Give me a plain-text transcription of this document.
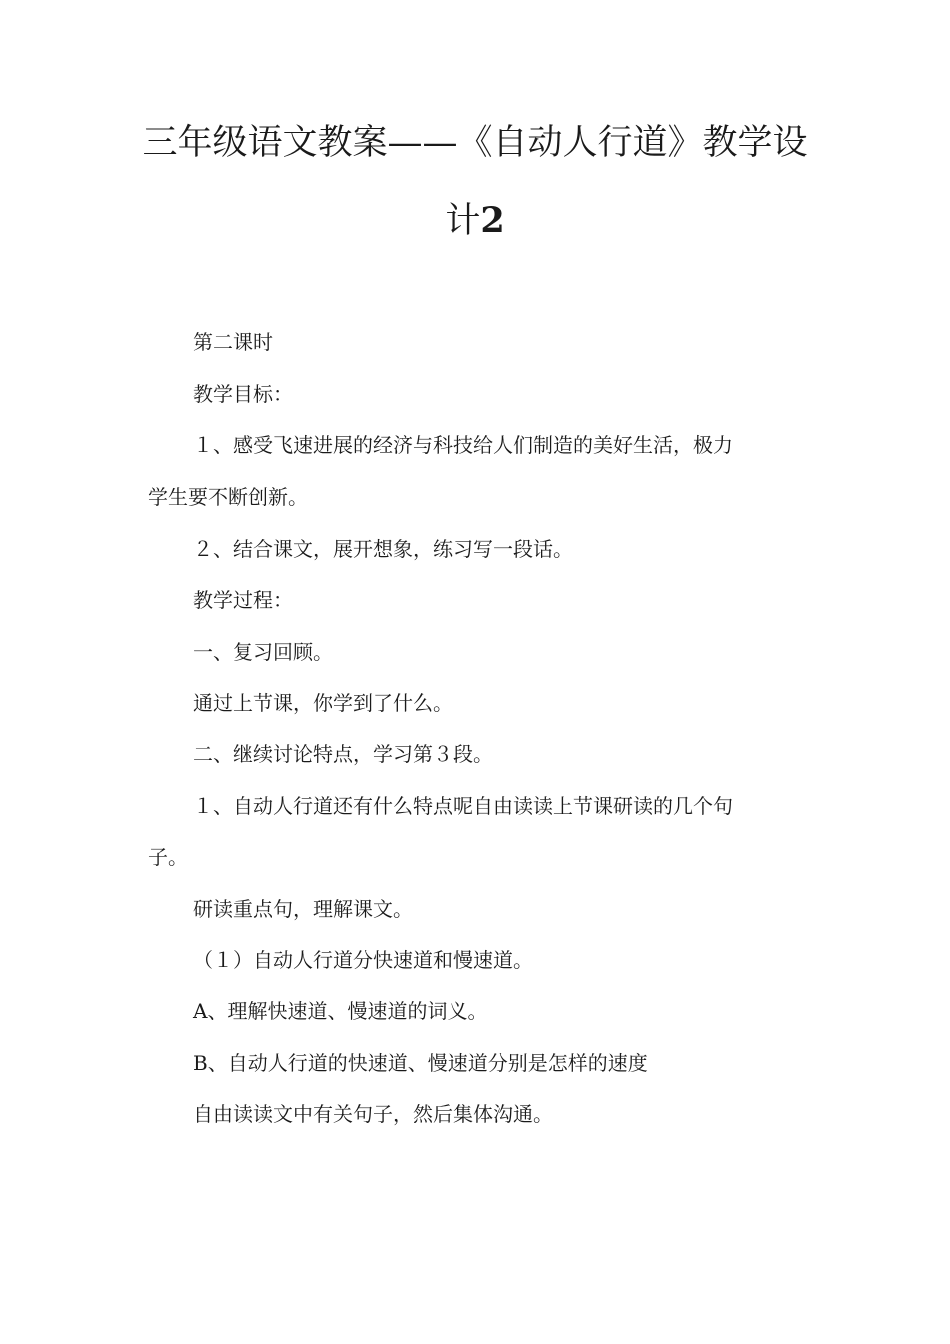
三年级语文教案——《自动人行道》教学设
计2
第二课时
教学目标：
１、感受飞速进展的经济与科技给人们制造的美好生活，极力
学生要不断创新。
２、结合课文，展开想象，练习写一段话。
教学过程：
一、复习回顾。
通过上节课，你学到了什么。
二、继续讨论特点，学习第３段。
１、自动人行道还有什么特点呢自由读读上节课研读的几个句
子。
研读重点句，理解课文。
（１）自动人行道分快速道和慢速道。
A、理解快速道、慢速道的词义。
B、自动人行道的快速道、慢速道分别是怎样的速度
自由读读文中有关句子，然后集体沟通。
